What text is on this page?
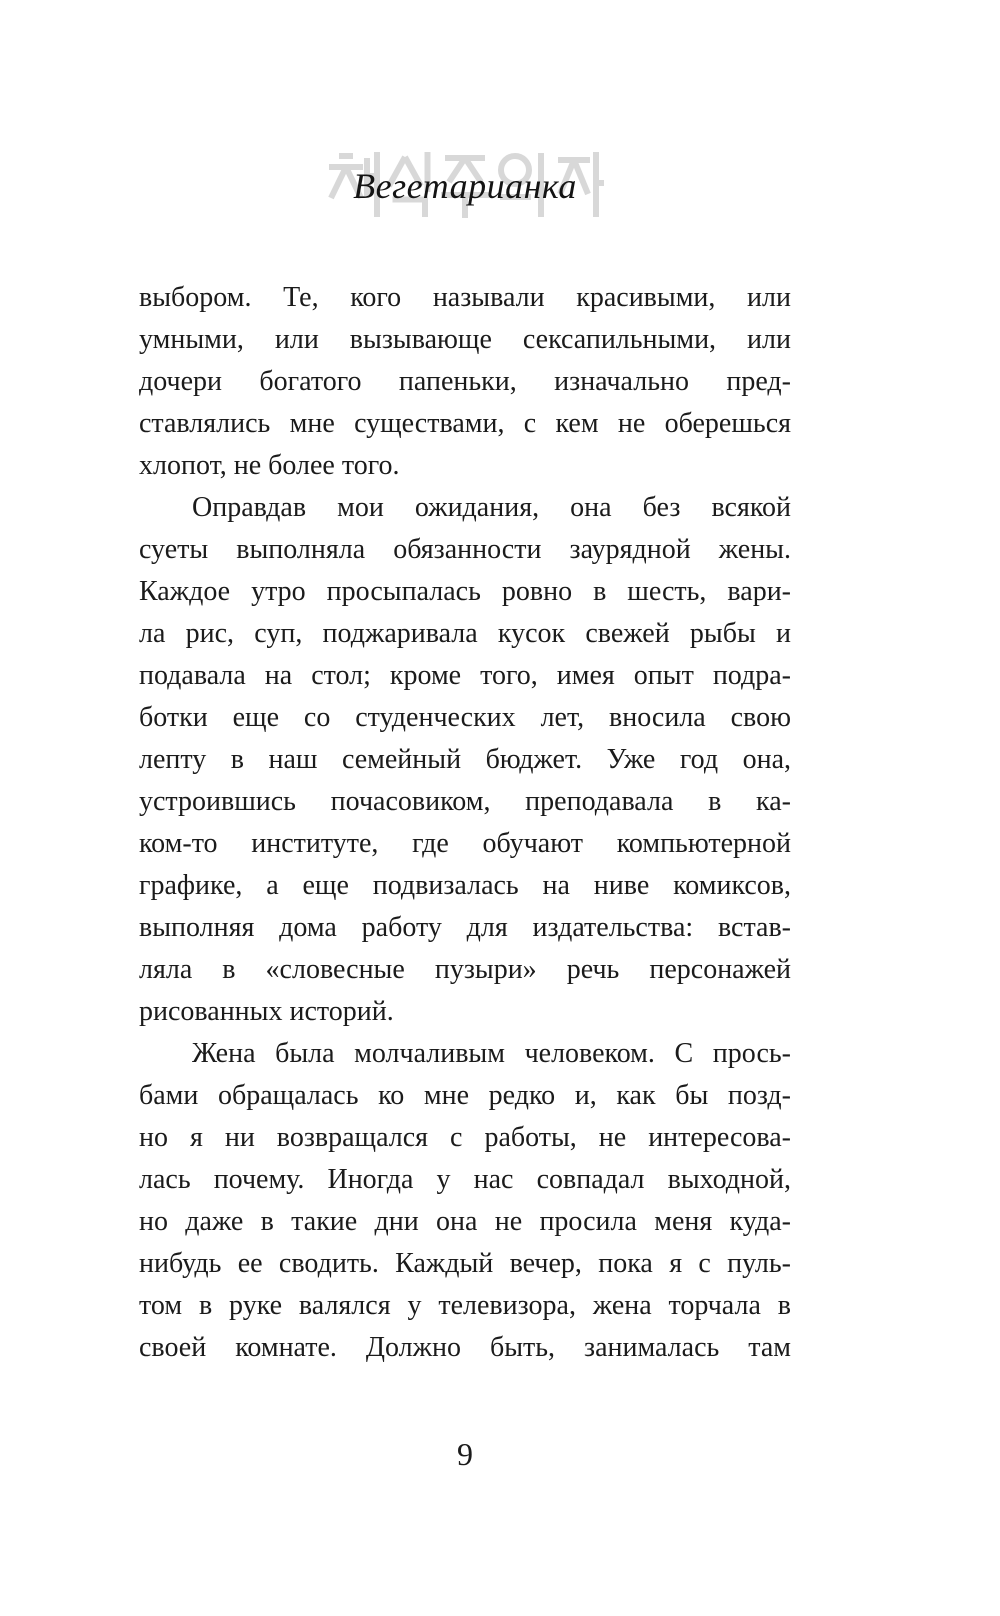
Вегетарианка
выбором. Те, кого называли красивыми, или
умными, или вызывающе сексапильными, или
дочери богатого папеньки, изначально пред-
ставлялись мне существами, с кем не оберешься
хлопот, не более того.
Оправдав мои ожидания, она без всякой
суеты выполняла обязанности заурядной жены.
Каждое утро просыпалась ровно в шесть, вари-
ла рис, суп, поджаривала кусок свежей рыбы и
подавала на стол; кроме того, имея опыт подра-
ботки еще со студенческих лет, вносила свою
лепту в наш семейный бюджет. Уже год она,
устроившись почасовиком, преподавала в ка-
ком-то институте, где обучают компьютерной
графике, а еще подвизалась на ниве комиксов,
выполняя дома работу для издательства: встав-
ляла в «словесные пузыри» речь персонажей
рисованных историй.
Жена была молчаливым человеком. С прось-
бами обращалась ко мне редко и, как бы позд-
но я ни возвращался с работы, не интересова-
лась почему. Иногда у нас совпадал выходной,
но даже в такие дни она не просила меня куда-
нибудь ее сводить. Каждый вечер, пока я с пуль-
том в руке валялся у телевизора, жена торчала в
своей комнате. Должно быть, занималась там
9
